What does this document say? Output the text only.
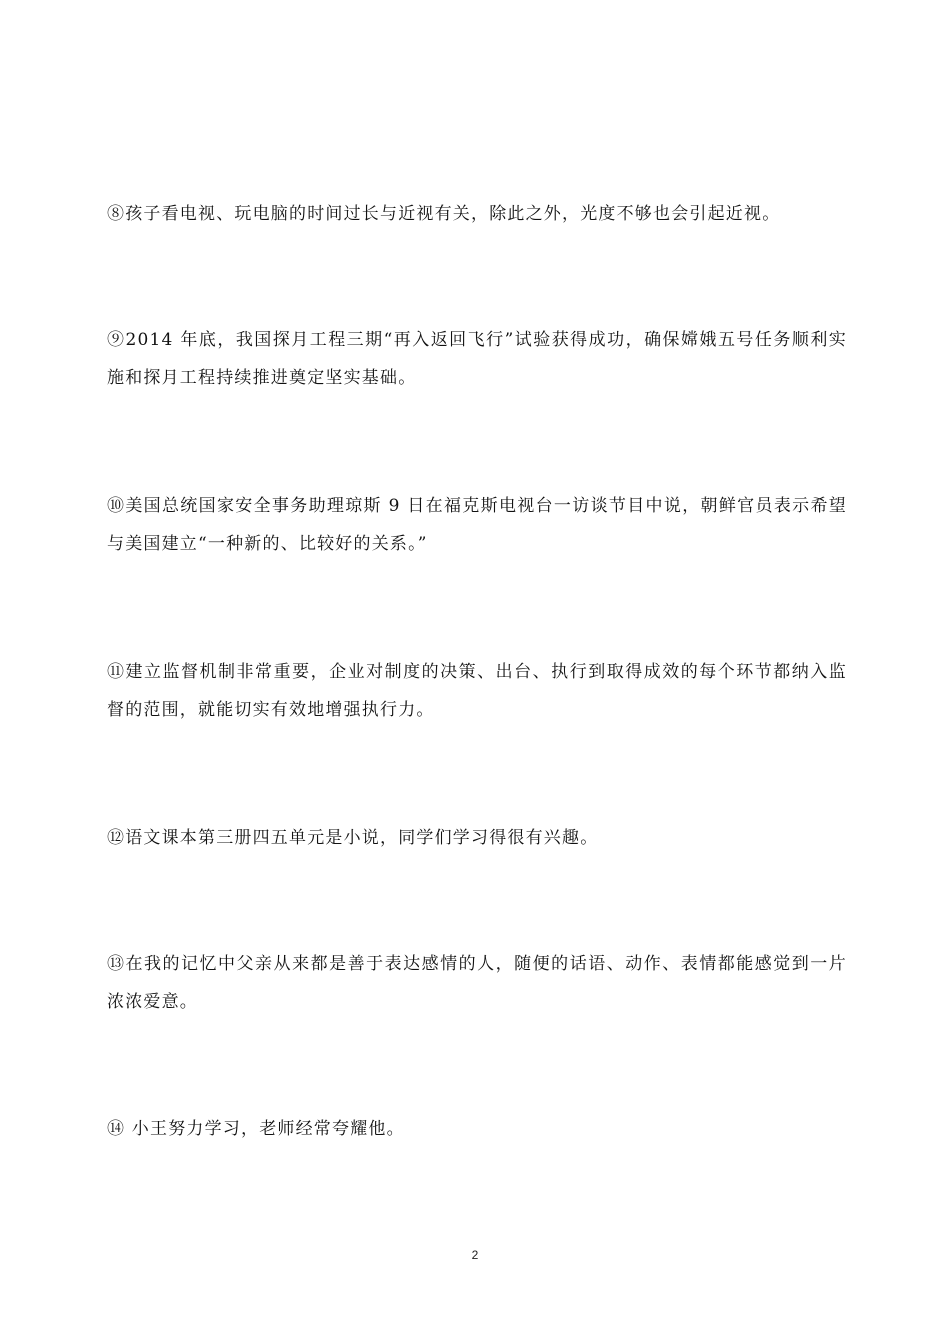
⑧孩子看电视、玩电脑的时间过长与近视有关，除此之外，光度不够也会引起近视。

⑨2014 年底，我国探月工程三期“再入返回飞行”试验获得成功，确保嫦娥五号任务顺利实施和探月工程持续推进奠定坚实基础。

⑩美国总统国家安全事务助理琼斯 9 日在福克斯电视台一访谈节目中说，朝鲜官员表示希望与美国建立“一种新的、比较好的关系。”

⑪建立监督机制非常重要，企业对制度的决策、出台、执行到取得成效的每个环节都纳入监督的范围，就能切实有效地增强执行力。

⑫语文课本第三册四五单元是小说，同学们学习得很有兴趣。

⑬在我的记忆中父亲从来都是善于表达感情的人，随便的话语、动作、表情都能感觉到一片浓浓爱意。

⑭ 小王努力学习，老师经常夸耀他。

2
